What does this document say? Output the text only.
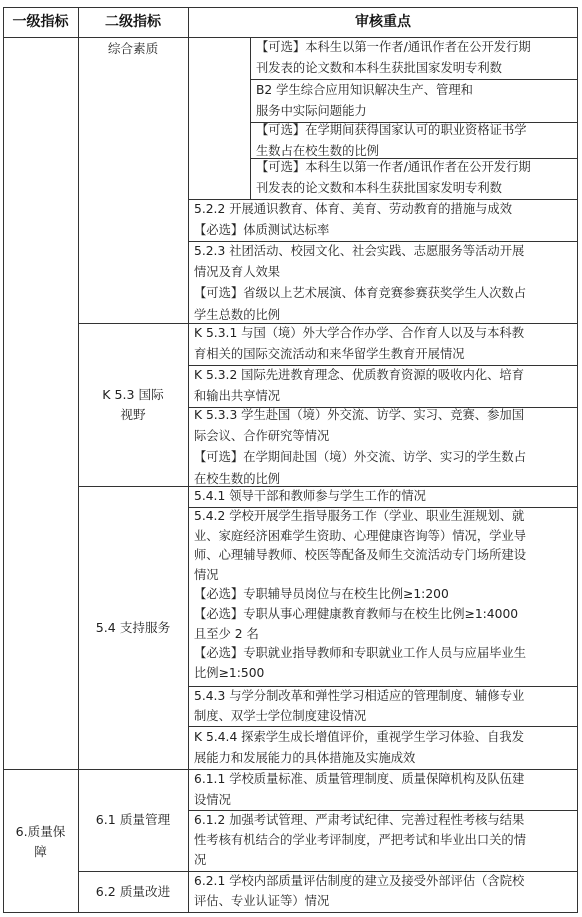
一级指标	二级指标	审核重点
综合素质
K 5.3 国际
视野
5.4 支持服务
6.1 质量管理
6.2 质量改进
6.质量保
障
【可选】本科生以第一作者/通讯作者在公开发行期
刊发表的论文数和本科生获批国家发明专利数
B2 学生综合应用知识解决生产、管理和
服务中实际问题能力
【可选】在学期间获得国家认可的职业资格证书学
生数占在校生数的比例
【可选】本科生以第一作者/通讯作者在公开发行期
刊发表的论文数和本科生获批国家发明专利数
5.2.2 开展通识教育、体育、美育、劳动教育的措施与成效
【必选】体质测试达标率
5.2.3 社团活动、校园文化、社会实践、志愿服务等活动开展
情况及育人效果
【可选】省级以上艺术展演、体育竞赛参赛获奖学生人次数占
学生总数的比例
K 5.3.1 与国（境）外大学合作办学、合作育人以及与本科教
育相关的国际交流活动和来华留学生教育开展情况
K 5.3.2 国际先进教育理念、优质教育资源的吸收内化、培育
和输出共享情况
K 5.3.3 学生赴国（境）外交流、访学、实习、竞赛、参加国
际会议、合作研究等情况
【可选】在学期间赴国（境）外交流、访学、实习的学生数占
在校生数的比例
5.4.1 领导干部和教师参与学生工作的情况
5.4.2 学校开展学生指导服务工作（学业、职业生涯规划、就
业、家庭经济困难学生资助、心理健康咨询等）情况，学业导
师、心理辅导教师、校医等配备及师生交流活动专门场所建设
情况
【必选】专职辅导员岗位与在校生比例≥1:200
【必选】专职从事心理健康教育教师与在校生比例≥1:4000
且至少 2 名
【必选】专职就业指导教师和专职就业工作人员与应届毕业生
比例≥1:500
5.4.3 与学分制改革和弹性学习相适应的管理制度、辅修专业
制度、双学士学位制度建设情况
K 5.4.4 探索学生成长增值评价，重视学生学习体验、自我发
展能力和发展能力的具体措施及实施成效
6.1.1 学校质量标准、质量管理制度、质量保障机构及队伍建
设情况
6.1.2 加强考试管理、严肃考试纪律、完善过程性考核与结果
性考核有机结合的学业考评制度，严把考试和毕业出口关的情
况
6.2.1 学校内部质量评估制度的建立及接受外部评估（含院校
评估、专业认证等）情况
